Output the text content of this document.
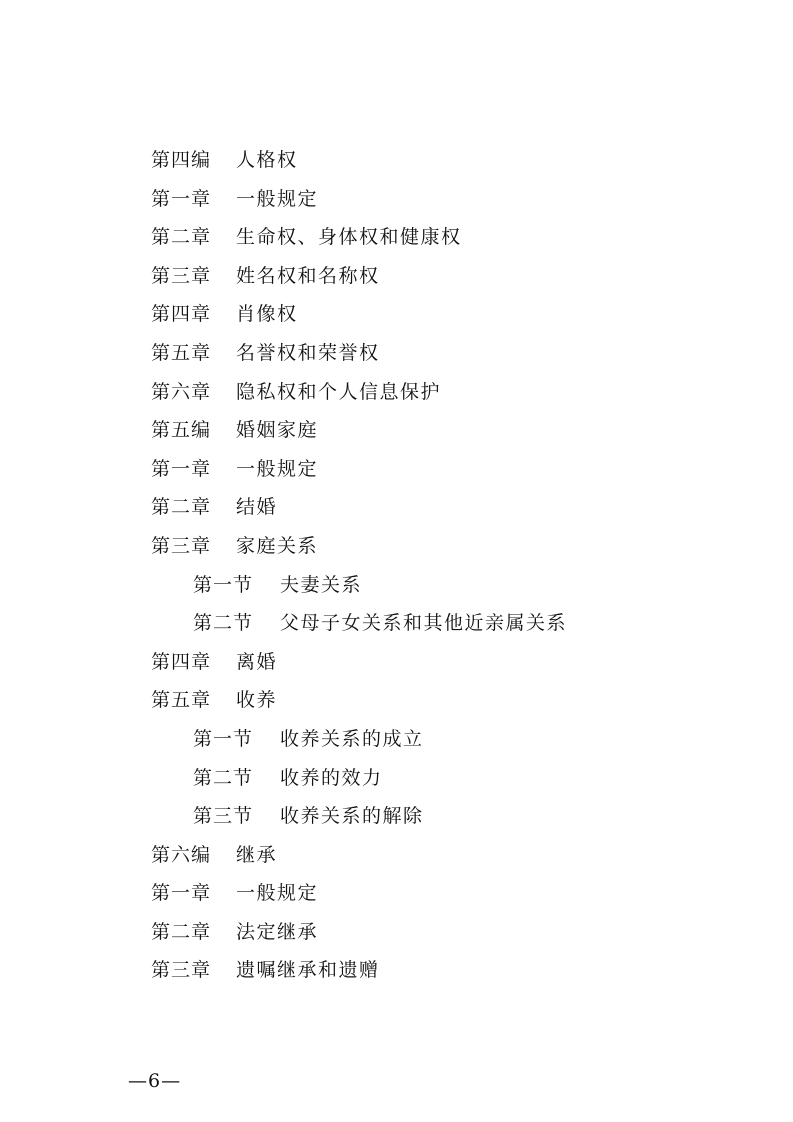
第四编 人格权
第一章 一般规定
第二章 生命权、身体权和健康权
第三章 姓名权和名称权
第四章 肖像权
第五章 名誉权和荣誉权
第六章 隐私权和个人信息保护
第五编 婚姻家庭
第一章 一般规定
第二章 结婚
第三章 家庭关系
第一节 夫妻关系
第二节 父母子女关系和其他近亲属关系
第四章 离婚
第五章 收养
第一节 收养关系的成立
第二节 收养的效力
第三节 收养关系的解除
第六编 继承
第一章 一般规定
第二章 法定继承
第三章 遗嘱继承和遗赠
—6—
